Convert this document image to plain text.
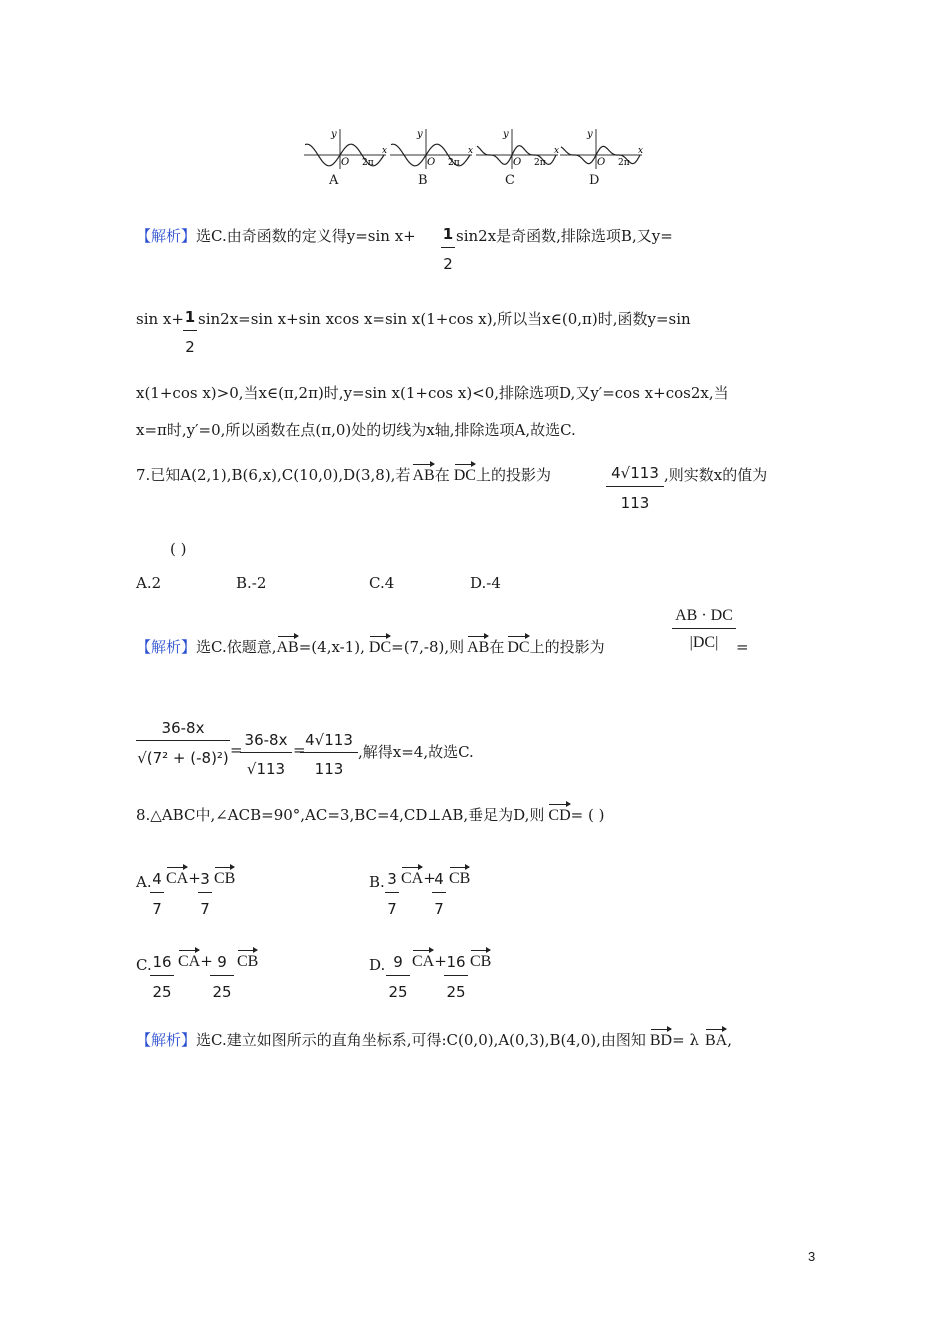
y
O 2π
x
y
O 2π
x
y
O 2π
x
y
O 2π
x
A	B	C	D
【解析】选C.由奇函数的定义得y=sin x+ 1
2
sin2x是奇函数,排除选项B,又y=
sin x+ 1
2
sin2x=sin x+sin xcos x=sin x(1+cos x),所以当x∈(0,π)时,函数y=sin
x(1+cos x)>0,当x∈(π,2π)时,y=sin x(1+cos x)<0,排除选项D,又y′=cos x+cos2x,当
x=π时,y′=0,所以函数在点(π,0)处的切线为x轴,排除选项A,故选C.
7.已知A(2,1),B(6,x),C(10,0),D(3,8),若 AB在 DC上的投影为	4√113
113
,则实数x的值为
( )
A.2	B.-2	C.4	D.-4
【解析】选C.依题意,AB=(4,x-1), DC=(7,-8),则 AB在 DC上的投影为
AB · DC
|DC|	=
36-8x
√(7² + (-8)²) =
36-8x
√113
=
4√113
113
,解得x=4,故选C.
8.△ABC中,∠ACB=90°,AC=3,BC=4,CD⊥AB,垂足为D,则 CD= ( )
A. 4
7
CA+ 3
7
CB	B. 3
7
CA+
4
7
CB
C. 16
25
CA+ 9
25
CB	D. 9
25
CA+ 16
25
CB
【解析】选C.建立如图所示的直角坐标系,可得:C(0,0),A(0,3),B(4,0),由图知 BD= λ BA,
3
